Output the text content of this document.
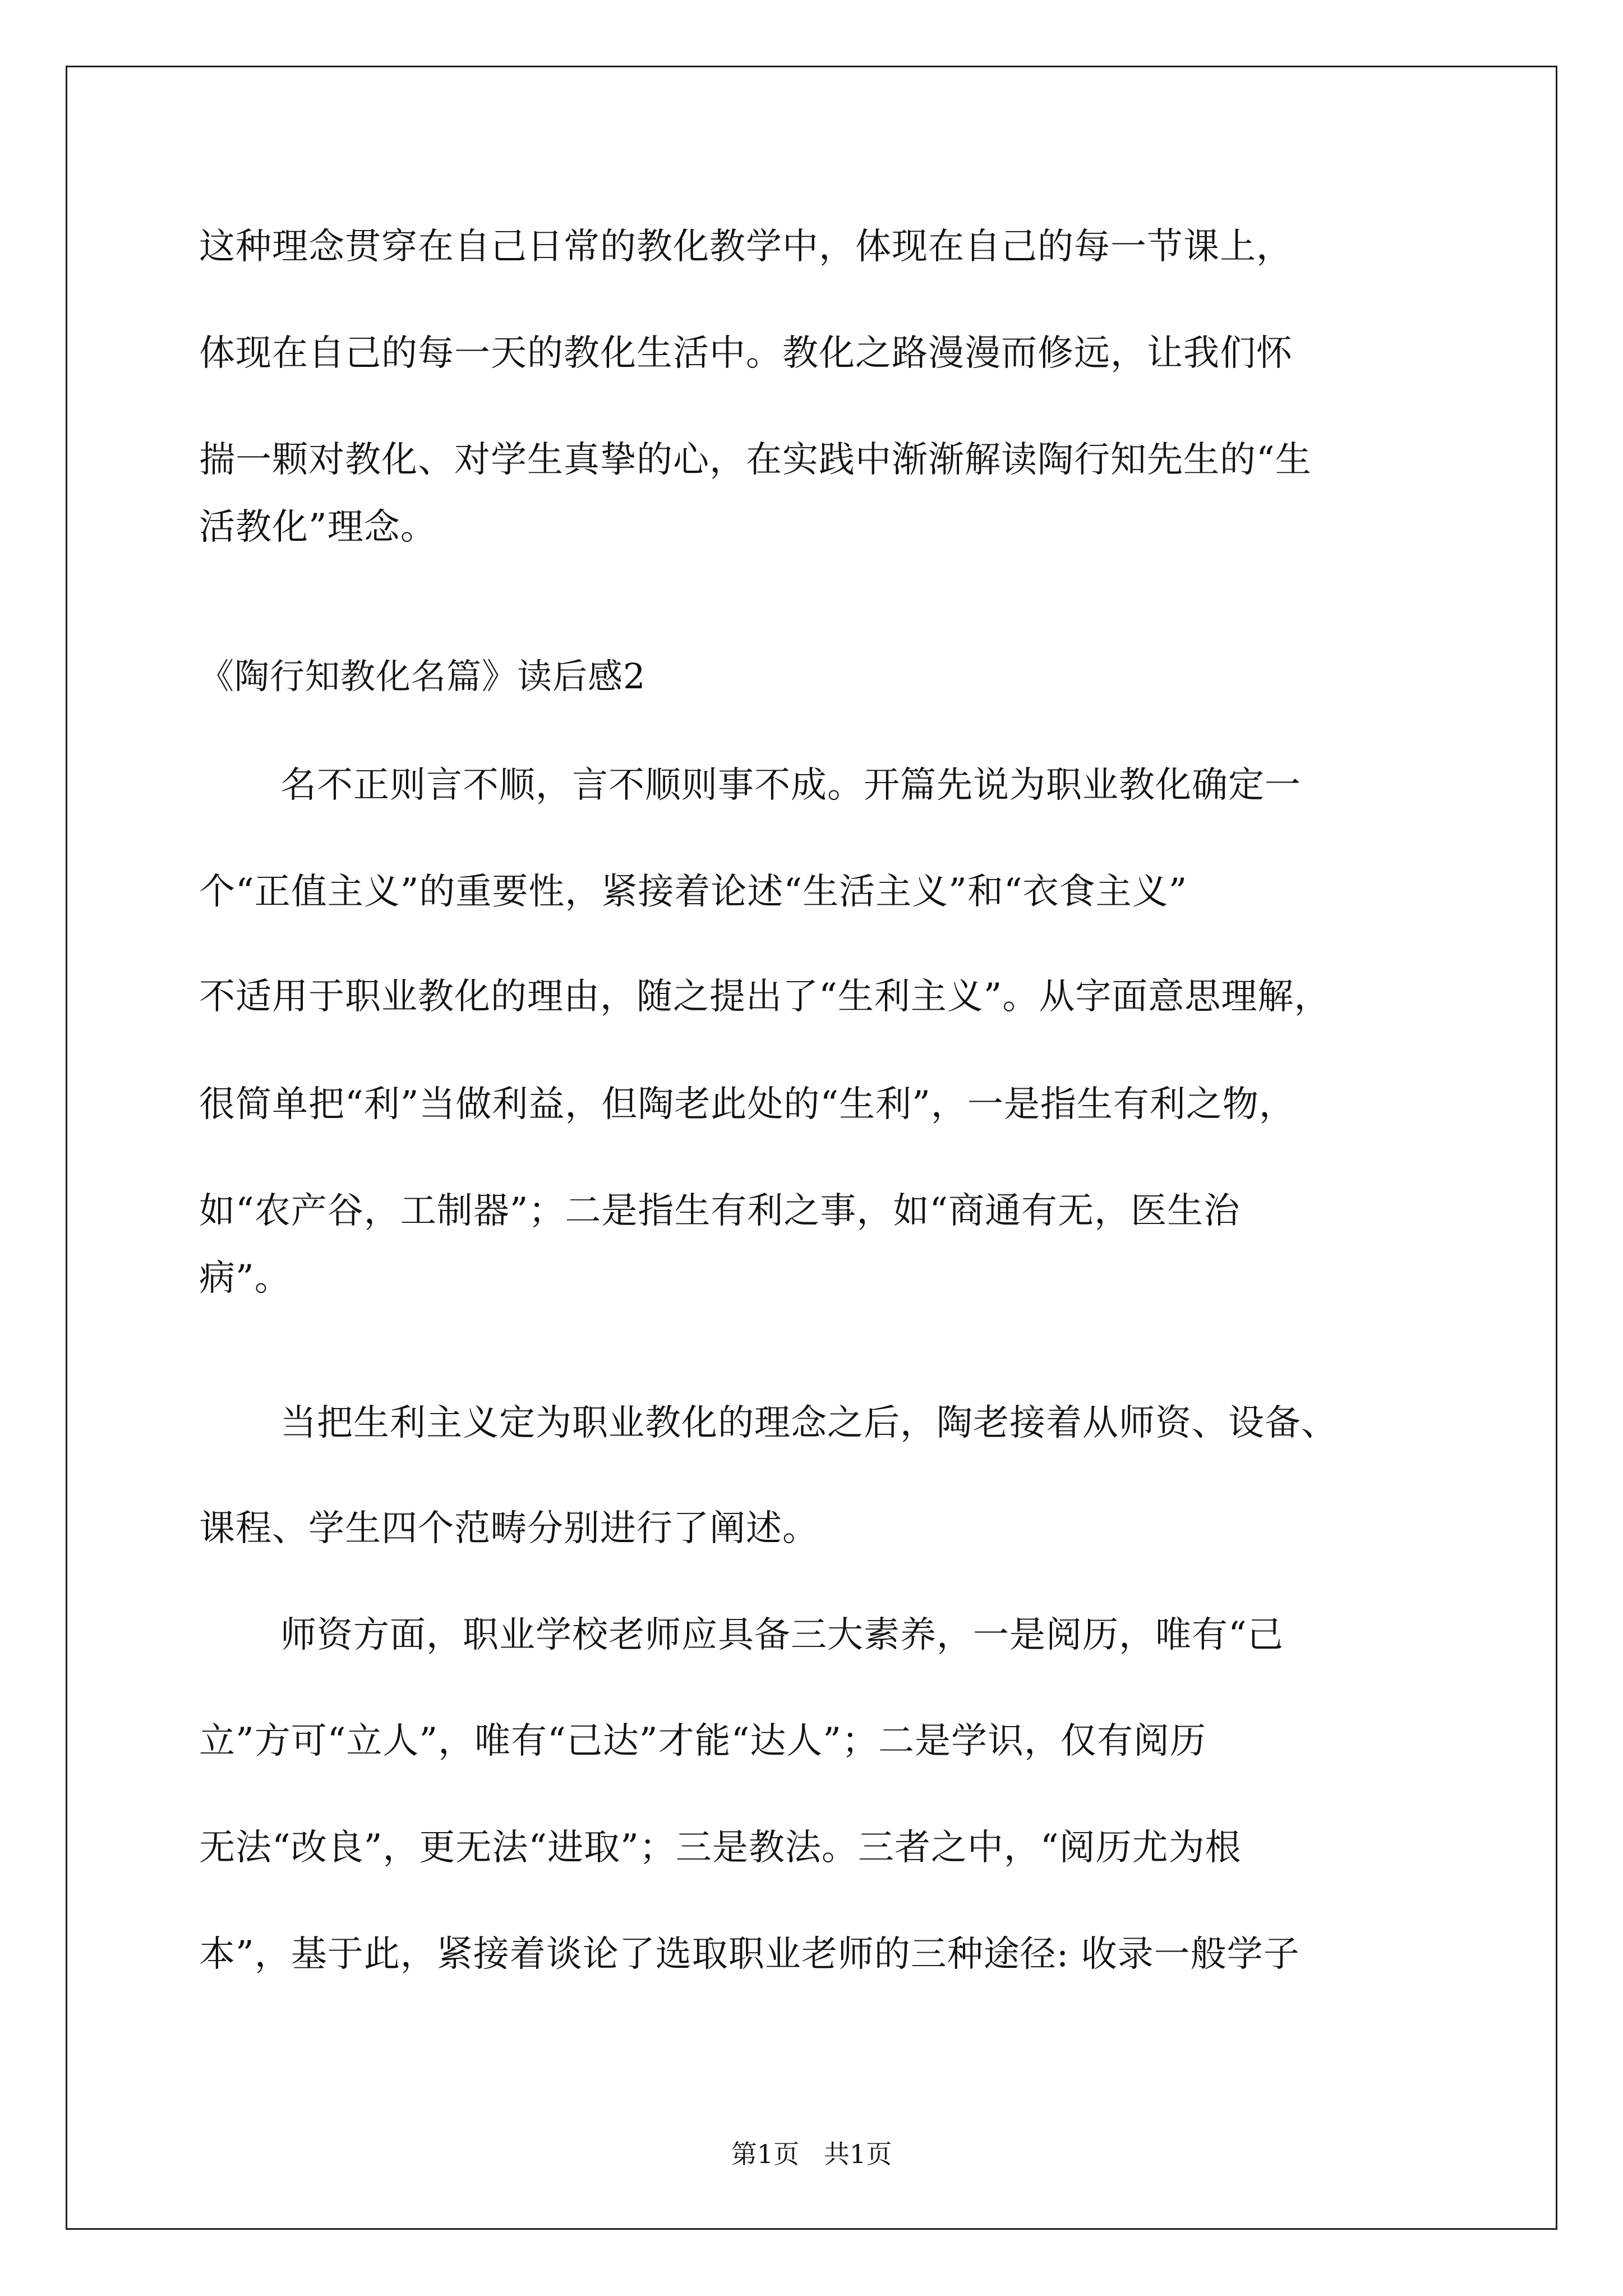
这种理念贯穿在自己日常的教化教学中，体现在自己的每一节课上，
体现在自己的每一天的教化生活中。教化之路漫漫而修远，让我们怀
揣一颗对教化、对学生真挚的心，在实践中渐渐解读陶行知先生的“生
活教化”理念。
《陶行知教化名篇》读后感2
名不正则言不顺，言不顺则事不成。开篇先说为职业教化确定一
个“正值主义”的重要性，紧接着论述“生活主义”和“衣食主义”
不适用于职业教化的理由，随之提出了“生利主义”。从字面意思理解，
很简单把“利”当做利益，但陶老此处的“生利”，一是指生有利之物，
如“农产谷，工制器”；二是指生有利之事，如“商通有无，医生治
病”。
当把生利主义定为职业教化的理念之后，陶老接着从师资、设备、
课程、学生四个范畴分别进行了阐述。
师资方面，职业学校老师应具备三大素养，一是阅历，唯有“己
立”方可“立人”，唯有“己达”才能“达人”；二是学识，仅有阅历
无法“改良”，更无法“进取”；三是教法。三者之中，“阅历尤为根
本”，基于此，紧接着谈论了选取职业老师的三种途径: 收录一般学子
第1页   共1页
